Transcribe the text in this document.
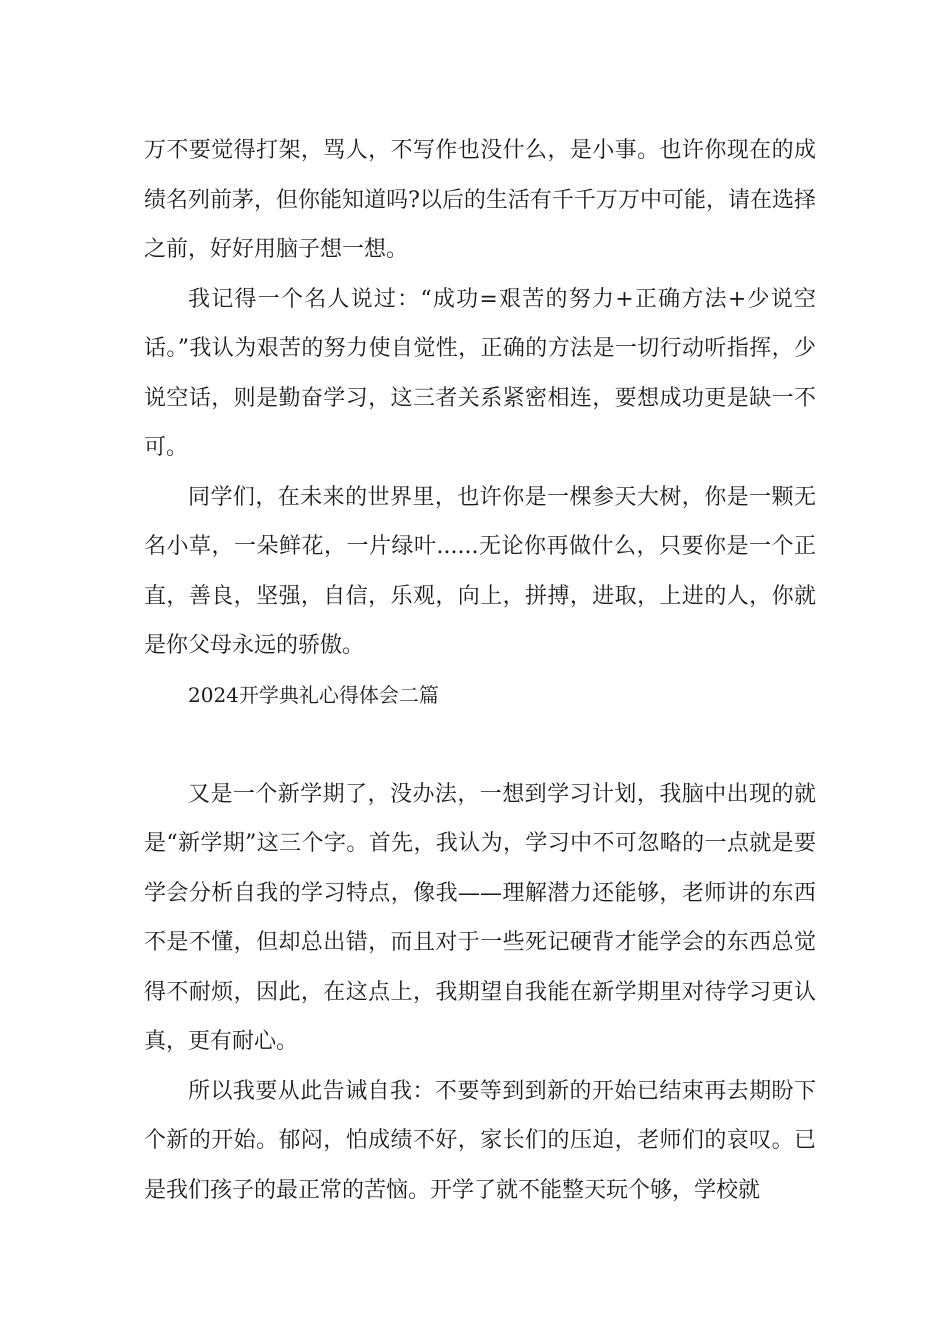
万不要觉得打架，骂人，不写作也没什么，是小事。也许你现在的成绩名列前茅，但你能知道吗?以后的生活有千千万万中可能，请在选择之前，好好用脑子想一想。

我记得一个名人说过：“成功=艰苦的努力+正确方法+少说空话。”我认为艰苦的努力使自觉性，正确的方法是一切行动听指挥，少说空话，则是勤奋学习，这三者关系紧密相连，要想成功更是缺一不可。

同学们，在未来的世界里，也许你是一棵参天大树，你是一颗无名小草，一朵鲜花，一片绿叶......无论你再做什么，只要你是一个正直，善良，坚强，自信，乐观，向上，拼搏，进取，上进的人，你就是你父母永远的骄傲。

2024开学典礼心得体会二篇

又是一个新学期了，没办法，一想到学习计划，我脑中出现的就是“新学期”这三个字。首先，我认为，学习中不可忽略的一点就是要学会分析自我的学习特点，像我——理解潜力还能够，老师讲的东西不是不懂，但却总出错，而且对于一些死记硬背才能学会的东西总觉得不耐烦，因此，在这点上，我期望自我能在新学期里对待学习更认真，更有耐心。

所以我要从此告诫自我：不要等到到新的开始已结束再去期盼下个新的开始。郁闷，怕成绩不好，家长们的压迫，老师们的哀叹。已是我们孩子的最正常的苦恼。开学了就不能整天玩个够，学校就
